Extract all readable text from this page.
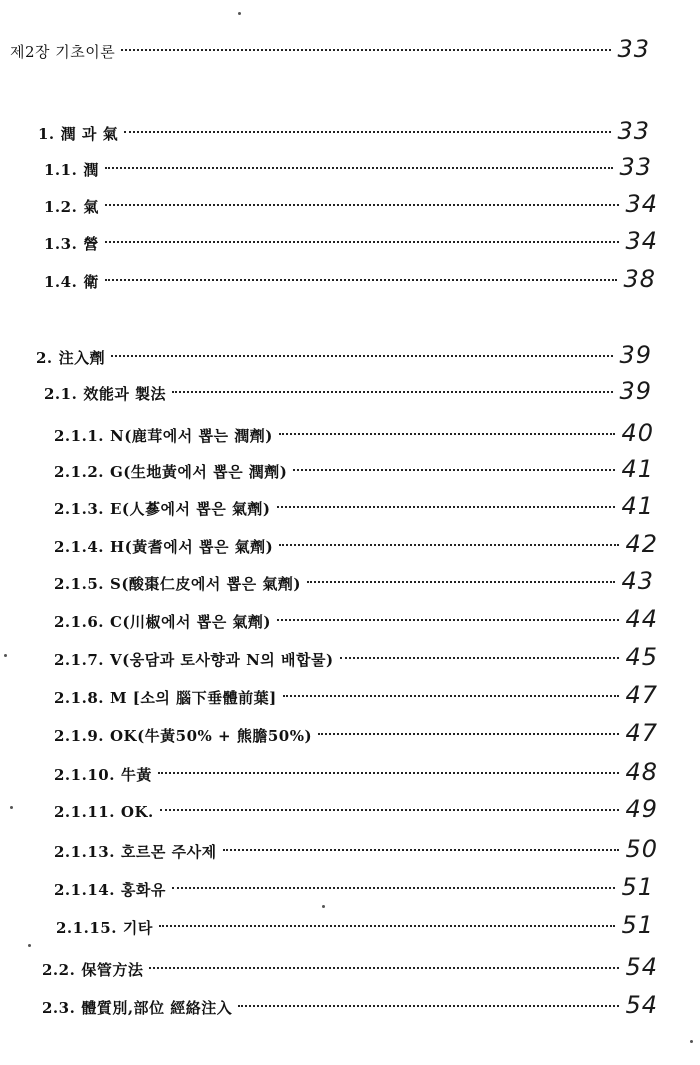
제2장 기초이론	33
1. 潤 과 氣	33
1.1. 潤	33
1.2. 氣	34
1.3. 營	34
1.4. 衛	38
2. 注入劑	39
2.1. 效能과 製法	39
2.1.1. N(鹿茸에서 뽑는 潤劑)	40
2.1.2. G(生地黃에서 뽑은 潤劑)	41
2.1.3. E(人蔘에서 뽑은 氣劑)	41
2.1.4. H(黃耆에서 뽑은 氣劑)	42
2.1.5. S(酸棗仁皮에서 뽑은 氣劑)	43
2.1.6. C(川椒에서 뽑은 氣劑)	44
2.1.7. V(웅담과 토사향과 N의 배합물)	45
2.1.8. M [소의 腦下垂體前葉]	47
2.1.9. OK(牛黃50% + 熊膽50%)	47
2.1.10. 牛黃	48
2.1.11. OK.	49
2.1.13. 호르몬 주사제	50
2.1.14. 홍화유	51
2.1.15. 기타	51
2.2. 保管方法	54
2.3. 體質別,部位 經絡注入	54
